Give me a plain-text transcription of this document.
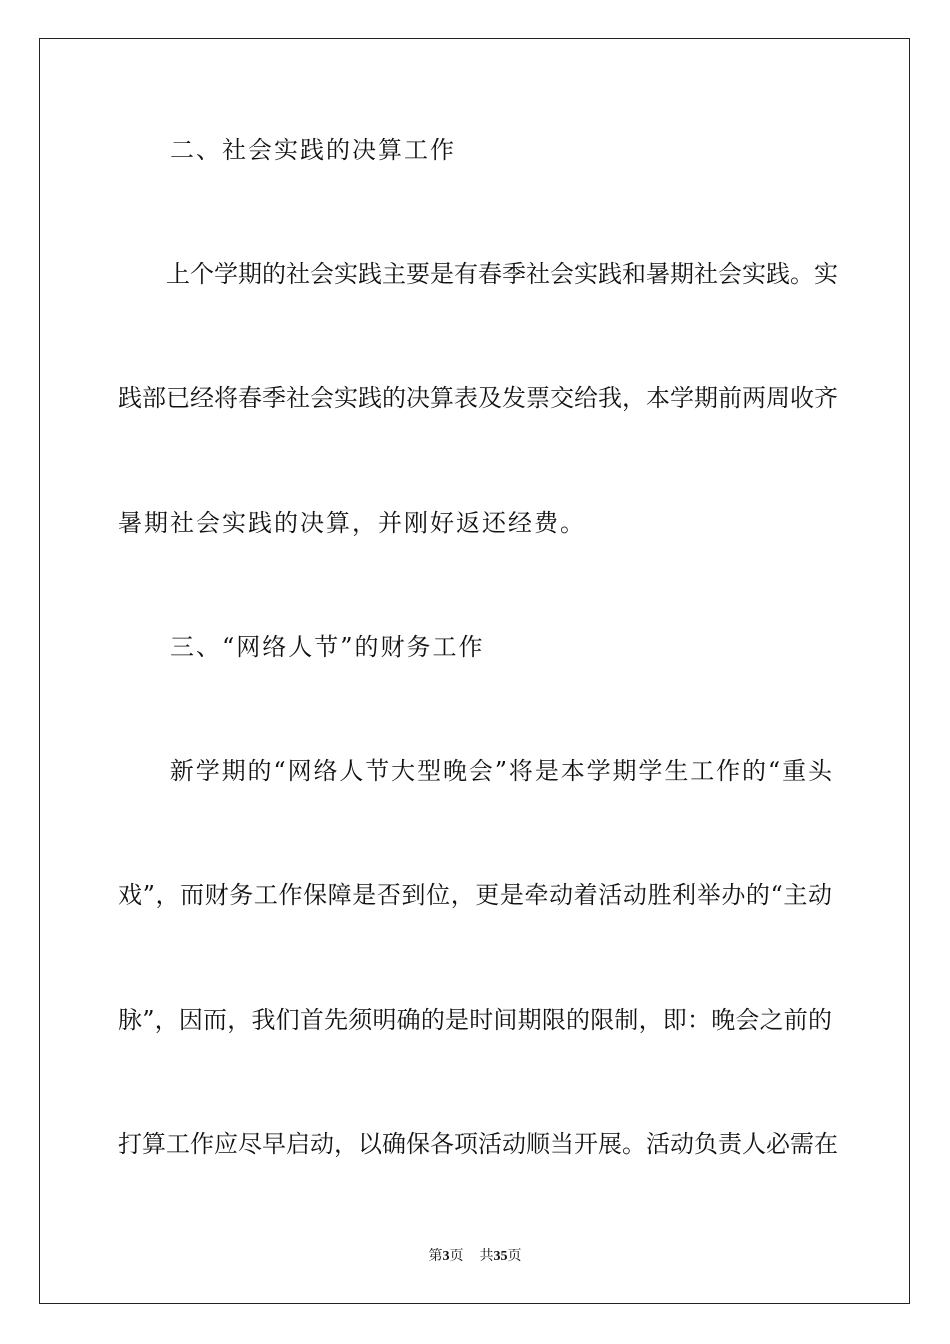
　　二、社会实践的决算工作
　　上个学期的社会实践主要是有春季社会实践和暑期社会实践。实
践部已经将春季社会实践的决算表及发票交给我，本学期前两周收齐
暑期社会实践的决算，并刚好返还经费。
　　三、“网络人节”的财务工作
　　新学期的“网络人节大型晚会”将是本学期学生工作的“重头
戏”，而财务工作保障是否到位，更是牵动着活动胜利举办的“主动
脉”，因而，我们首先须明确的是时间期限的限制，即：晚会之前的
打算工作应尽早启动，以确保各项活动顺当开展。活动负责人必需在
第3页 共35页
